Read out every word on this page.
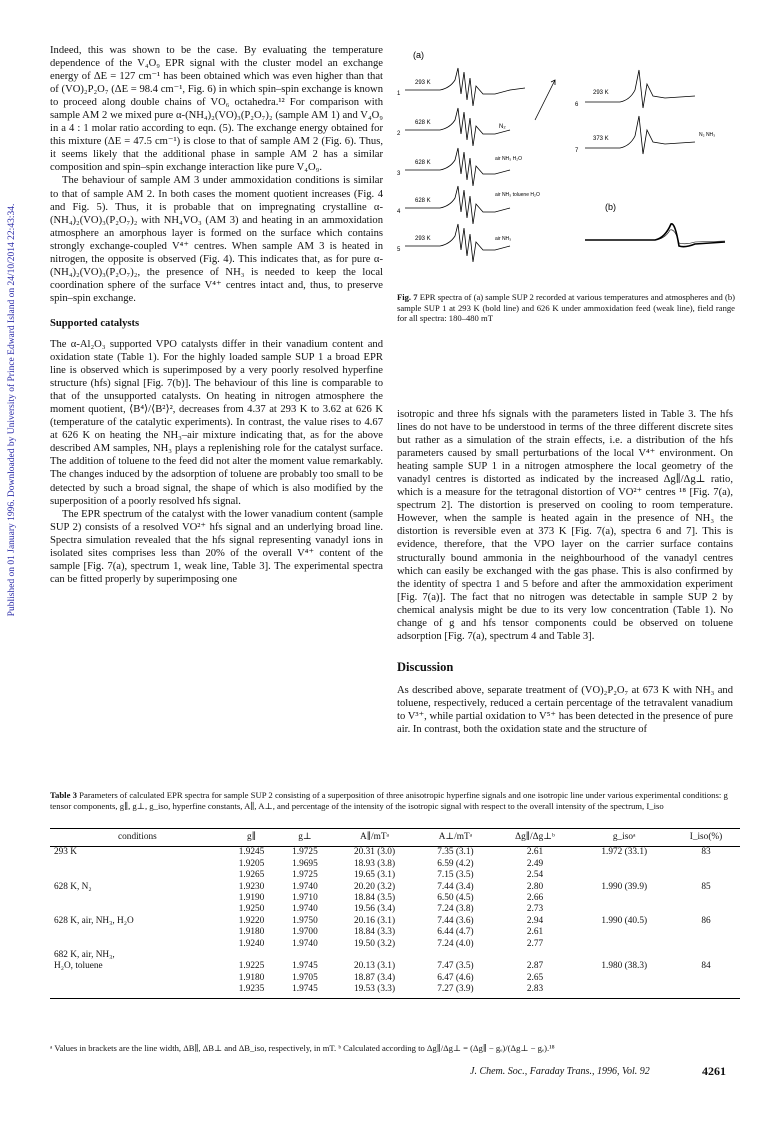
Published on 01 January 1996. Downloaded by University of Prince Edward Island on 24/10/2014 22:43:34.
Indeed, this was shown to be the case. By evaluating the temperature dependence of the V₄O₉ EPR signal with the cluster model an exchange energy of ΔE = 127 cm⁻¹ has been obtained which was even higher than that of (VO)₂P₂O₇ (ΔE = 98.4 cm⁻¹, Fig. 6) in which spin–spin exchange is known to proceed along double chains of VO₆ octahedra.¹² For comparison with sample AM 2 we mixed pure α-(NH₄)₂(VO)₃(P₂O₇)₂ (sample AM 1) and V₄O₉ in a 4 : 1 molar ratio according to eqn. (5). The exchange energy obtained for this mixture (ΔE = 47.5 cm⁻¹) is close to that of sample AM 2 (Fig. 6). Thus, it seems likely that the additional phase in sample AM 2 has a similar composition and spin–spin exchange interaction like pure V₄O₉.
The behaviour of sample AM 3 under ammoxidation conditions is similar to that of sample AM 2. In both cases the moment quotient increases (Fig. 4 and Fig. 5). Thus, it is probable that on impregnating crystalline α-(NH₄)₂(VO)₃(P₂O₇)₂ with NH₄VO₃ (AM 3) and heating in an ammoxidation atmosphere an amorphous layer is formed on the surface which contains strongly exchange-coupled V⁴⁺ centres. When sample AM 3 is heated in nitrogen, the opposite is observed (Fig. 4). This indicates that, as for pure α-(NH₄)₂(VO)₃(P₂O₇)₂, the presence of NH₃ is needed to keep the local coordination sphere of the surface V⁴⁺ centres intact and, thus, to preserve spin–spin exchange.
Supported catalysts
The α-Al₂O₃ supported VPO catalysts differ in their vanadium content and oxidation state (Table 1). For the highly loaded sample SUP 1 a broad EPR line is observed which is superimposed by a very poorly resolved hyperfine structure (hfs) signal [Fig. 7(b)]. The behaviour of this line is comparable to that of the unsupported catalysts. On heating in nitrogen atmosphere the moment quotient, ⟨B⁴⟩/⟨B²⟩², decreases from 4.37 at 293 K to 3.62 at 626 K (temperature of the catalytic experiments). In contrast, the value rises to 4.67 at 626 K on heating the NH₃–air mixture indicating that, as for the above described AM samples, NH₃ plays a replenishing role for the catalyst surface. The addition of toluene to the feed did not alter the moment value remarkably. The changes induced by the adsorption of toluene are probably too small to be detected by such a broad signal, the shape of which is also modified by the superposition of a poorly resolved hfs signal.
The EPR spectrum of the catalyst with the lower vanadium content (sample SUP 2) consists of a resolved VO²⁺ hfs signal and an underlying broad line. Spectra simulation revealed that the hfs signal representing vanadyl ions in isolated sites comprises less than 20% of the overall V⁴⁺ content of the sample [Fig. 7(a), spectrum 1, weak line, Table 3]. The experimental spectra can be fitted properly by superimposing one
(a)
1
293 K
2
628 K
N₂
3
628 K
air NH₃ H₂O
4
628 K
air NH₃ toluene H₂O
5
293 K	air NH₃
6
293 K
7
373 K
N₂ NH₃
(b)
Fig. 7 EPR spectra of (a) sample SUP 2 recorded at various temperatures and atmospheres and (b) sample SUP 1 at 293 K (bold line) and 626 K under ammoxidation feed (weak line), field range for all spectra: 180–480 mT
isotropic and three hfs signals with the parameters listed in Table 3. The hfs lines do not have to be understood in terms of the three different discrete sites but rather as a simulation of the strain effects, i.e. a distribution of the hfs parameters caused by small perturbations of the local V⁴⁺ environment. On heating sample SUP 1 in a nitrogen atmosphere the local geometry of the vanadyl centres is distorted as indicated by the increased Δg∥/Δg⊥ ratio, which is a measure for the tetragonal distortion of VO²⁺ centres ¹⁸ [Fig. 7(a), spectrum 2]. The distortion is preserved on cooling to room temperature. However, when the sample is heated again in the presence of NH₃ the distortion is reversible even at 373 K [Fig. 7(a), spectra 6 and 7]. This is evidence, therefore, that the VPO layer on the carrier surface contains structurally bound ammonia in the neighbourhood of the vanadyl centres which can easily be exchanged with the gas phase. This is also confirmed by the identity of spectra 1 and 5 before and after the ammoxidation experiment [Fig. 7(a)]. The fact that no nitrogen was detectable in sample SUP 2 by chemical analysis might be due to its very low concentration (Table 1). No change of g and hfs tensor components could be observed on toluene adsorption [Fig. 7(a), spectrum 4 and Table 3].
Discussion
As described above, separate treatment of (VO)₂P₂O₇ at 673 K with NH₃ and toluene, respectively, reduced a certain percentage of the tetravalent vanadium to V³⁺, while partial oxidation to V⁵⁺ has been detected in the presence of pure air. In contrast, both the oxidation state and the structure of
Table 3 Parameters of calculated EPR spectra for sample SUP 2 consisting of a superposition of three anisotropic hyperfine signals and one isotropic line under various experimental conditions: g tensor components, g∥, g⊥, g_iso, hyperfine constants, A∥, A⊥, and percentage of the intensity of the isotropic signal with respect to the overall intensity of the spectrum, I_iso
conditions	g∥	g⊥	A∥/mTᵃ	A⊥/mTᵃ	Δg∥/Δg⊥ᵇ	g_isoᵃ	I_iso(%)
293 K	1.9245	1.9725	20.31 (3.0)	7.35 (3.1)	2.61	1.972 (33.1)	83
	1.9205	1.9695	18.93 (3.8)	6.59 (4.2)	2.49		
	1.9265	1.9725	19.65 (3.1)	7.15 (3.5)	2.54		
628 K, N₂	1.9230	1.9740	20.20 (3.2)	7.44 (3.4)	2.80	1.990 (39.9)	85
	1.9190	1.9710	18.84 (3.5)	6.50 (4.5)	2.66		
	1.9250	1.9740	19.56 (3.4)	7.24 (3.8)	2.73		
628 K, air, NH₃, H₂O	1.9220	1.9750	20.16 (3.1)	7.44 (3.6)	2.94	1.990 (40.5)	86
	1.9180	1.9700	18.84 (3.3)	6.44 (4.7)	2.61		
	1.9240	1.9740	19.50 (3.2)	7.24 (4.0)	2.77		
682 K, air, NH₃,							
H₂O, toluene	1.9225	1.9745	20.13 (3.1)	7.47 (3.5)	2.87	1.980 (38.3)	84
	1.9180	1.9705	18.87 (3.4)	6.47 (4.6)	2.65		
	1.9235	1.9745	19.53 (3.3)	7.27 (3.9)	2.83		
ᵃ Values in brackets are the line width, ΔB∥, ΔB⊥ and ΔB_iso, respectively, in mT. ᵇ Calculated according to Δg∥/Δg⊥ = (Δg∥ − gₑ)/(Δg⊥ − gₑ).¹⁸
J. Chem. Soc., Faraday Trans., 1996, Vol. 92	4261
